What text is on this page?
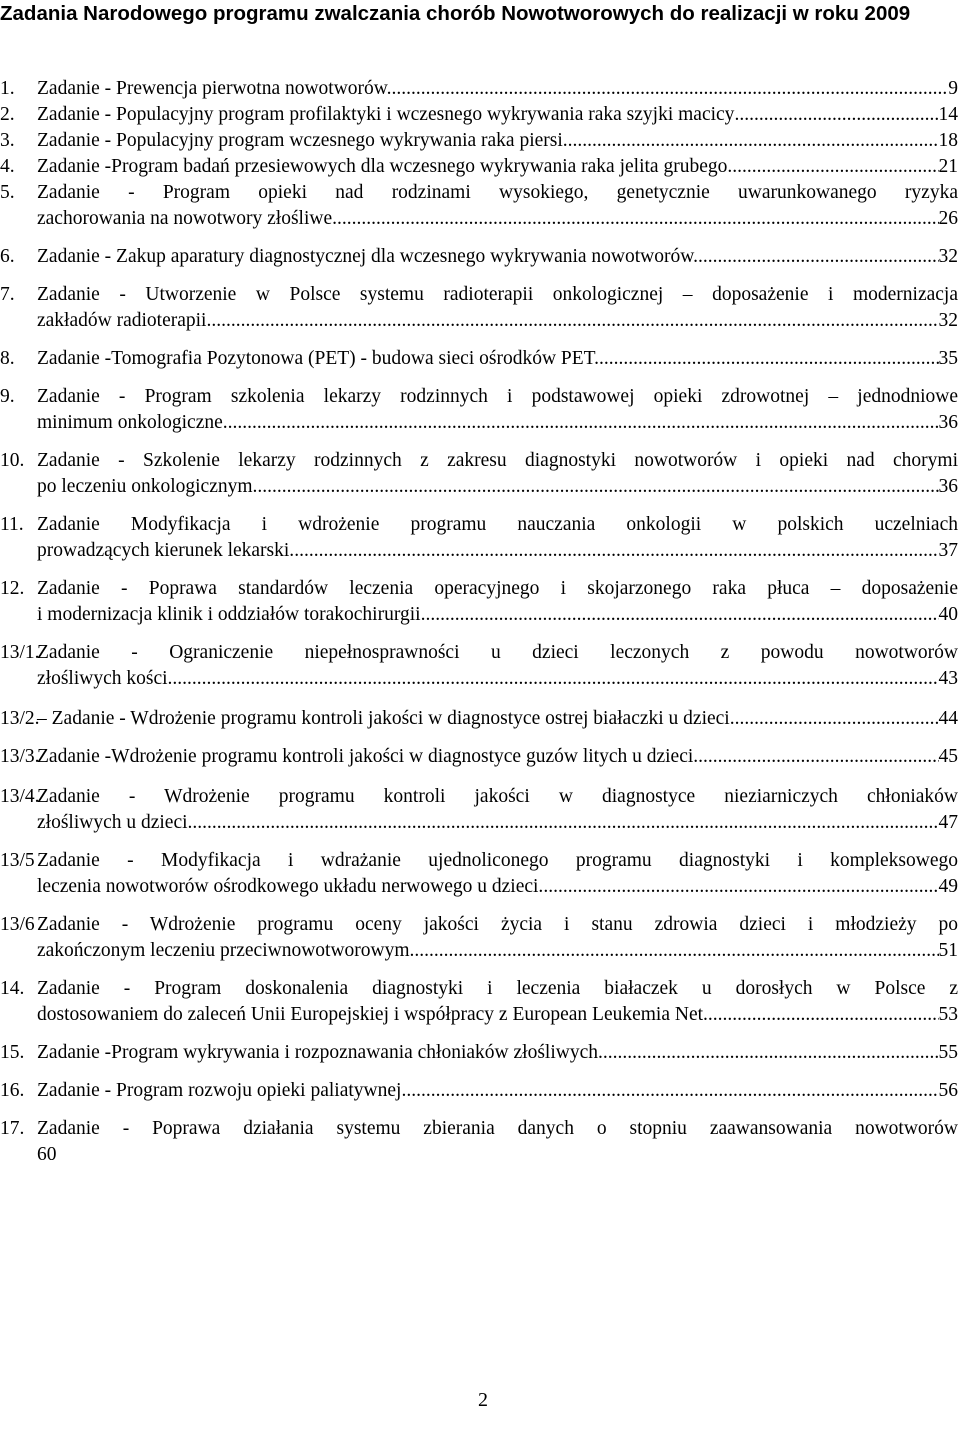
Zadania Narodowego programu zwalczania chorób Nowotworowych do realizacji w roku 2009
1.	Zadanie - Prewencja pierwotna nowotworów. .....	9
2.	Zadanie - Populacyjny program profilaktyki i wczesnego wykrywania raka szyjki macicy .....	14
3.	Zadanie - Populacyjny program wczesnego wykrywania raka piersi .....	18
4.	Zadanie -Program badań przesiewowych dla wczesnego wykrywania raka jelita grubego .....	21
5.	Zadanie - Program opieki nad rodzinami wysokiego, genetycznie uwarunkowanego ryzyka
zachorowania na nowotwory złośliwe .....	26
6.	Zadanie - Zakup aparatury diagnostycznej dla wczesnego wykrywania nowotworów. .....	32
7.	Zadanie - Utworzenie w Polsce systemu radioterapii onkologicznej – doposażenie i modernizacja
zakładów radioterapii. .....	32
8.	Zadanie -Tomografia Pozytonowa (PET) - budowa sieci ośrodków PET. .....	35
9.	Zadanie - Program szkolenia lekarzy rodzinnych i podstawowej opieki zdrowotnej – jednodniowe
minimum onkologiczne. .....	36
10. Zadanie - Szkolenie lekarzy rodzinnych z zakresu diagnostyki nowotworów i opieki nad chorymi
po leczeniu onkologicznym. .....	36
11. Zadanie Modyfikacja i wdrożenie programu nauczania onkologii w polskich uczelniach
prowadzących kierunek lekarski. .....	37
12. Zadanie - Poprawa standardów leczenia operacyjnego i skojarzonego raka płuca – doposażenie
i modernizacja klinik i oddziałów torakochirurgii. .....	40
13/1.
Zadanie - Ograniczenie niepełnosprawności u dzieci leczonych z powodu nowotworów
złośliwych kości. .....	43
13/2.
– Zadanie - Wdrożenie programu kontroli jakości w diagnostyce ostrej białaczki u dzieci. .....	44
13/3.
Zadanie -Wdrożenie programu kontroli jakości w diagnostyce guzów litych u dzieci. .....	45
13/4.
Zadanie - Wdrożenie programu kontroli jakości w diagnostyce nieziarniczych chłoniaków
złośliwych u dzieci. .....	47
13/5 Zadanie - Modyfikacja i wdrażanie ujednoliconego programu diagnostyki i kompleksowego
leczenia nowotworów ośrodkowego układu nerwowego u dzieci. .....	49
13/6 Zadanie - Wdrożenie programu oceny jakości życia i stanu zdrowia dzieci i młodzieży po
zakończonym leczeniu przeciwnowotworowym .....	51
14. Zadanie - Program doskonalenia diagnostyki i leczenia białaczek u dorosłych w Polsce z
dostosowaniem do zaleceń Unii Europejskiej i współpracy z European Leukemia Net. .....	53
15. Zadanie -Program wykrywania i rozpoznawania chłoniaków złośliwych .....	55
16. Zadanie - Program rozwoju opieki paliatywnej .....	56
17. Zadanie - Poprawa działania systemu zbierania danych o stopniu zaawansowania nowotworów
60
2
